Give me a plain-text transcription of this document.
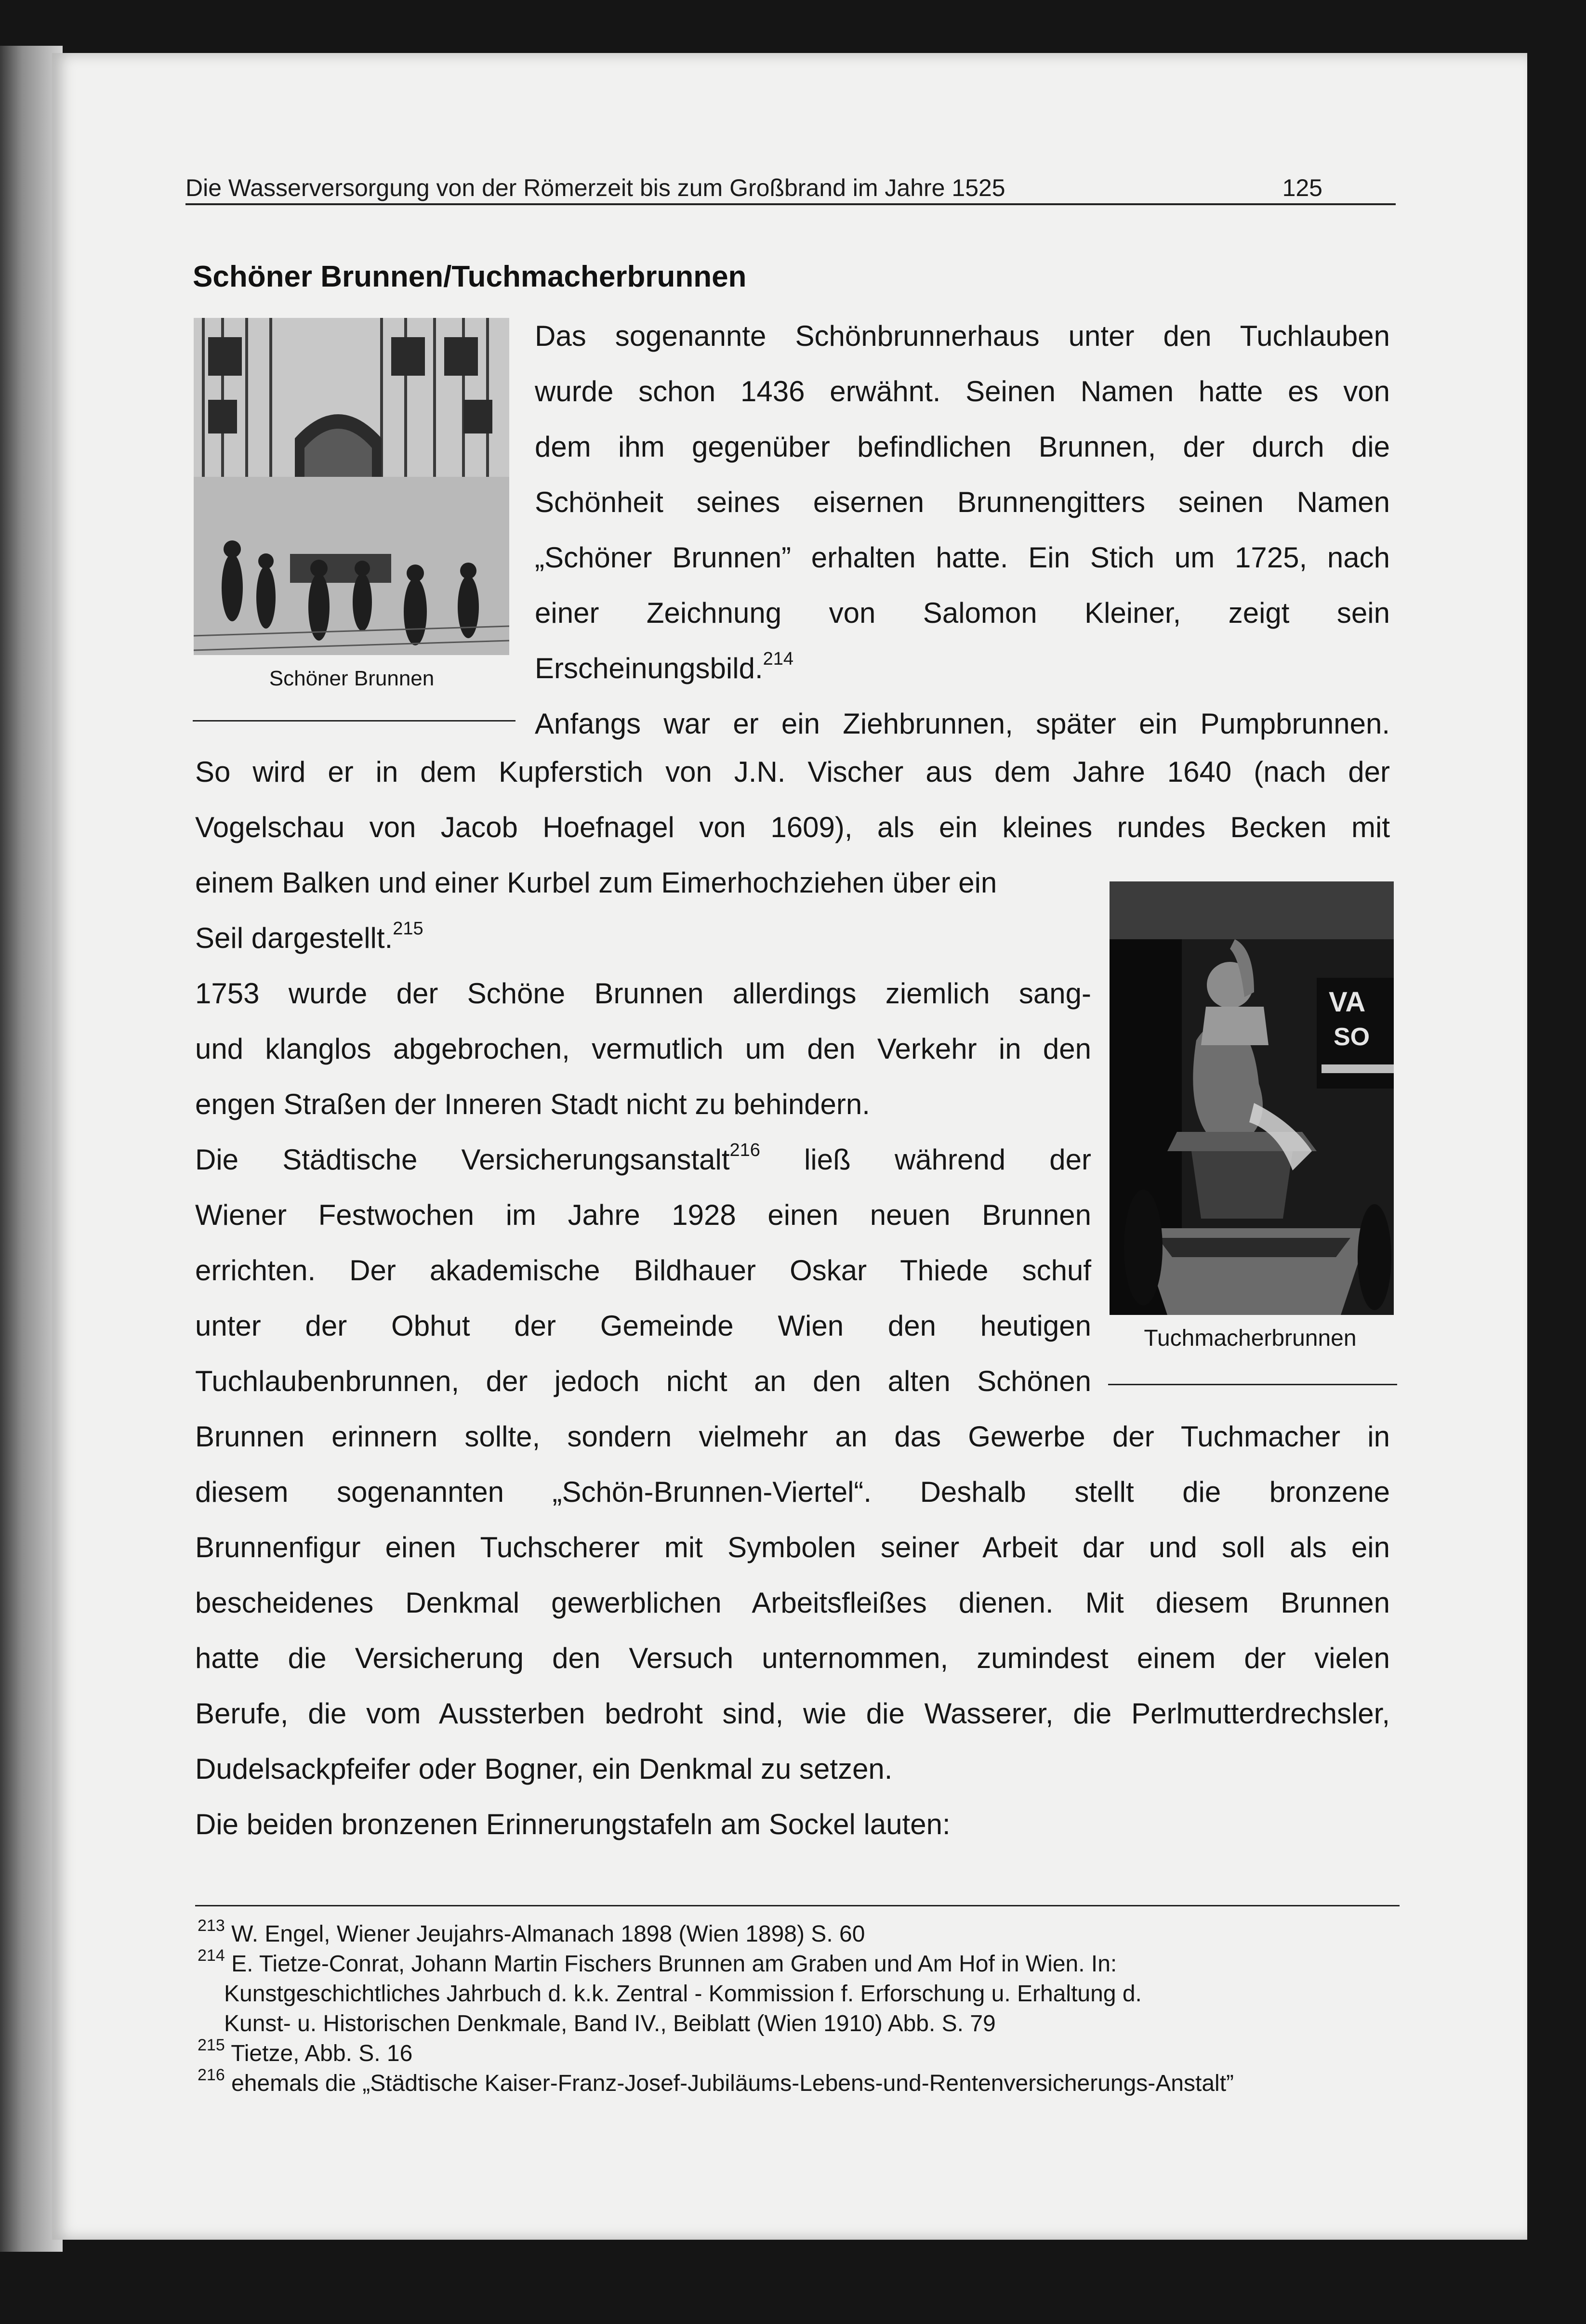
Die Wasserversorgung von der Römerzeit bis zum Großbrand im Jahre 1525	125
Schöner Brunnen/Tuchmacherbrunnen
Schöner Brunnen
Das sogenannte Schönbrunnerhaus unter den Tuchlauben
wurde schon 1436 erwähnt. Seinen Namen hatte es von
dem ihm gegenüber befindlichen Brunnen, der durch die
Schönheit seines eisernen Brunnengitters seinen Namen
„Schöner Brunnen” erhalten hatte. Ein Stich um 1725, nach
einer Zeichnung von Salomon Kleiner, zeigt sein
Erscheinungsbild.$^{214}$
Anfangs war er ein Ziehbrunnen, später ein Pumpbrunnen.
So wird er in dem Kupferstich von J.N. Vischer aus dem Jahre 1640 (nach der
Vogelschau von Jacob Hoefnagel von 1609), als ein kleines rundes Becken mit
einem Balken und einer Kurbel zum Eimerhochziehen über ein
Seil dargestellt.$^{215}$
1753 wurde der Schöne Brunnen allerdings ziemlich sang-
und klanglos abgebrochen, vermutlich um den Verkehr in den
engen Straßen der Inneren Stadt nicht zu behindern.
Die Städtische Versicherungsanstalt$^{216}$ ließ während der
Wiener Festwochen im Jahre 1928 einen neuen Brunnen
errichten. Der akademische Bildhauer Oskar Thiede schuf
unter der Obhut der Gemeinde Wien den heutigen
Tuchlaubenbrunnen, der jedoch nicht an den alten Schönen
VA
SO
Tuchmacherbrunnen
Brunnen erinnern sollte, sondern vielmehr an das Gewerbe der Tuchmacher in
diesem sogenannten „Schön-Brunnen-Viertel“. Deshalb stellt die bronzene
Brunnenfigur einen Tuchscherer mit Symbolen seiner Arbeit dar und soll als ein
bescheidenes Denkmal gewerblichen Arbeitsfleißes dienen. Mit diesem Brunnen
hatte die Versicherung den Versuch unternommen, zumindest einem der vielen
Berufe, die vom Aussterben bedroht sind, wie die Wasserer, die Perlmutterdrechsler,
Dudelsackpfeifer oder Bogner, ein Denkmal zu setzen.
Die beiden bronzenen Erinnerungstafeln am Sockel lauten:
$^{213}$ W. Engel, Wiener Jeujahrs-Almanach 1898 (Wien 1898) S. 60
$^{214}$ E. Tietze-Conrat, Johann Martin Fischers Brunnen am Graben und Am Hof in Wien. In:
Kunstgeschichtliches Jahrbuch d. k.k. Zentral - Kommission f. Erforschung u. Erhaltung d.
Kunst- u. Historischen Denkmale, Band IV., Beiblatt (Wien 1910) Abb. S. 79
$^{215}$ Tietze, Abb. S. 16
$^{216}$ ehemals die „Städtische Kaiser-Franz-Josef-Jubiläums-Lebens-und-Rentenversicherungs-Anstalt”
